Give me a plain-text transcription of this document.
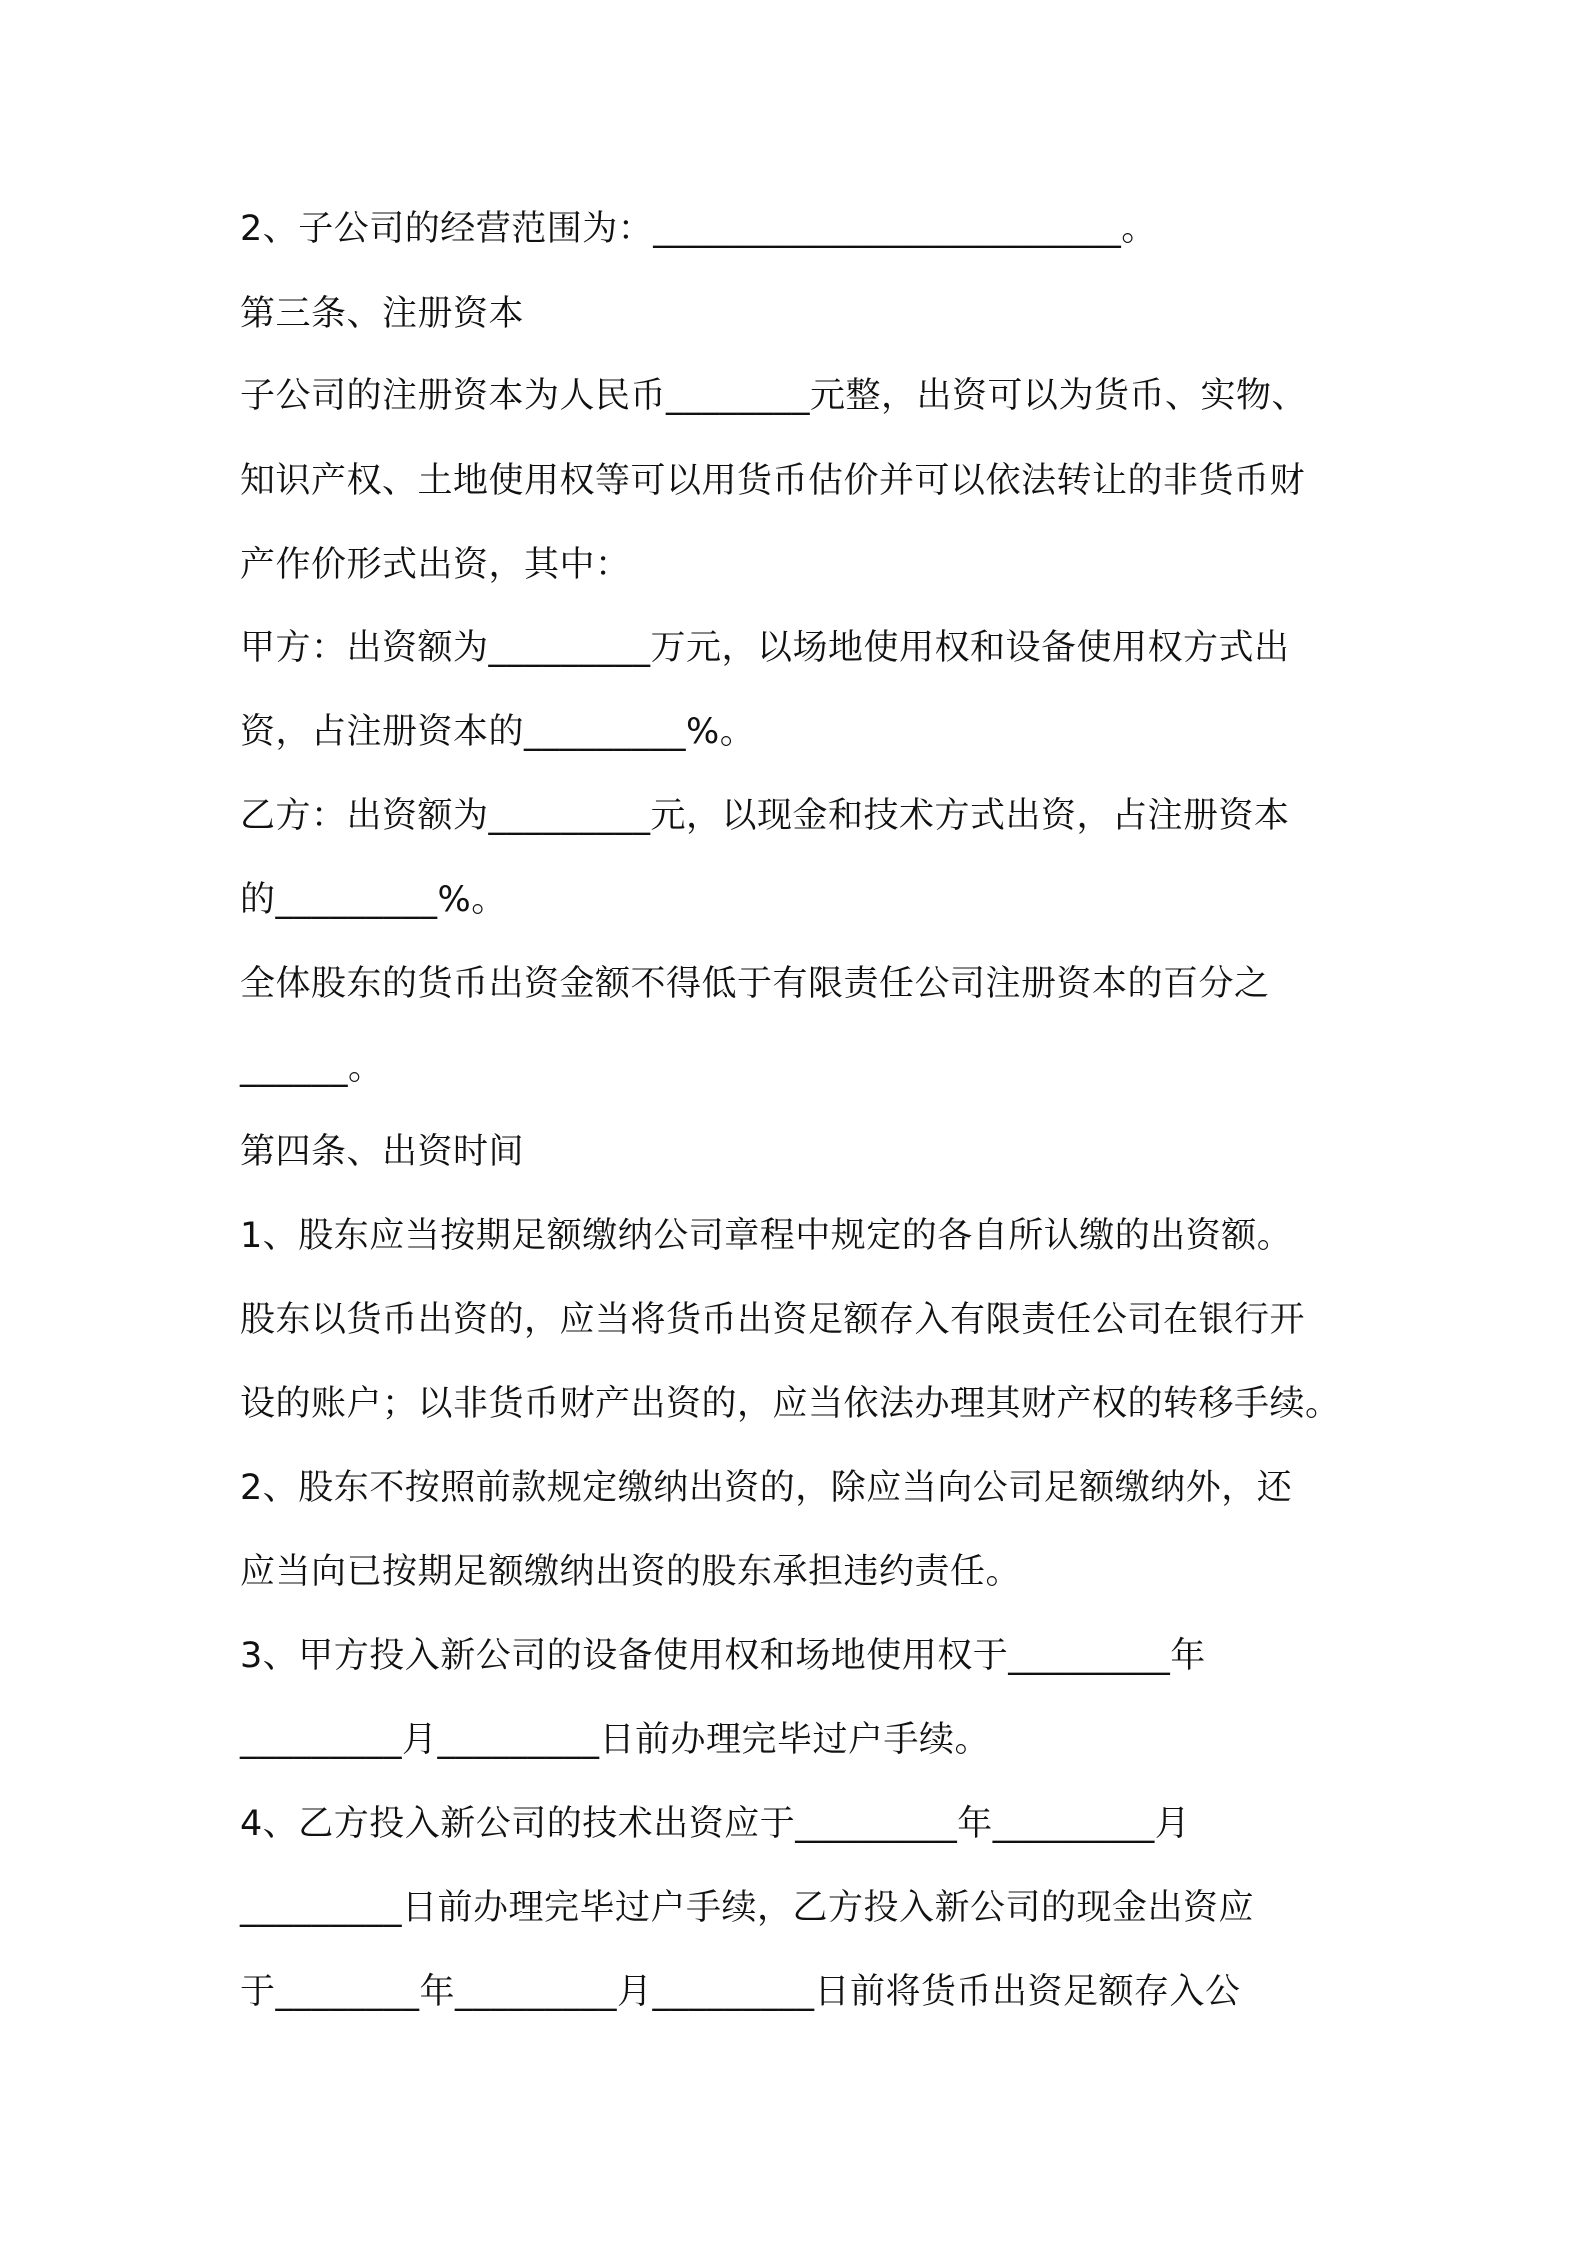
2、子公司的经营范围为：__________________________。
第三条、注册资本
子公司的注册资本为人民币________元整，出资可以为货币、实物、
知识产权、土地使用权等可以用货币估价并可以依法转让的非货币财
产作价形式出资，其中：
甲方：出资额为_________万元，以场地使用权和设备使用权方式出
资，占注册资本的_________%。
乙方：出资额为_________元，以现金和技术方式出资，占注册资本
的_________%。
全体股东的货币出资金额不得低于有限责任公司注册资本的百分之
______。
第四条、出资时间
1、股东应当按期足额缴纳公司章程中规定的各自所认缴的出资额。
股东以货币出资的，应当将货币出资足额存入有限责任公司在银行开
设的账户；以非货币财产出资的，应当依法办理其财产权的转移手续。
2、股东不按照前款规定缴纳出资的，除应当向公司足额缴纳外，还
应当向已按期足额缴纳出资的股东承担违约责任。
3、甲方投入新公司的设备使用权和场地使用权于_________年
_________月_________日前办理完毕过户手续。
4、乙方投入新公司的技术出资应于_________年_________月
_________日前办理完毕过户手续，乙方投入新公司的现金出资应
于________年_________月_________日前将货币出资足额存入公
